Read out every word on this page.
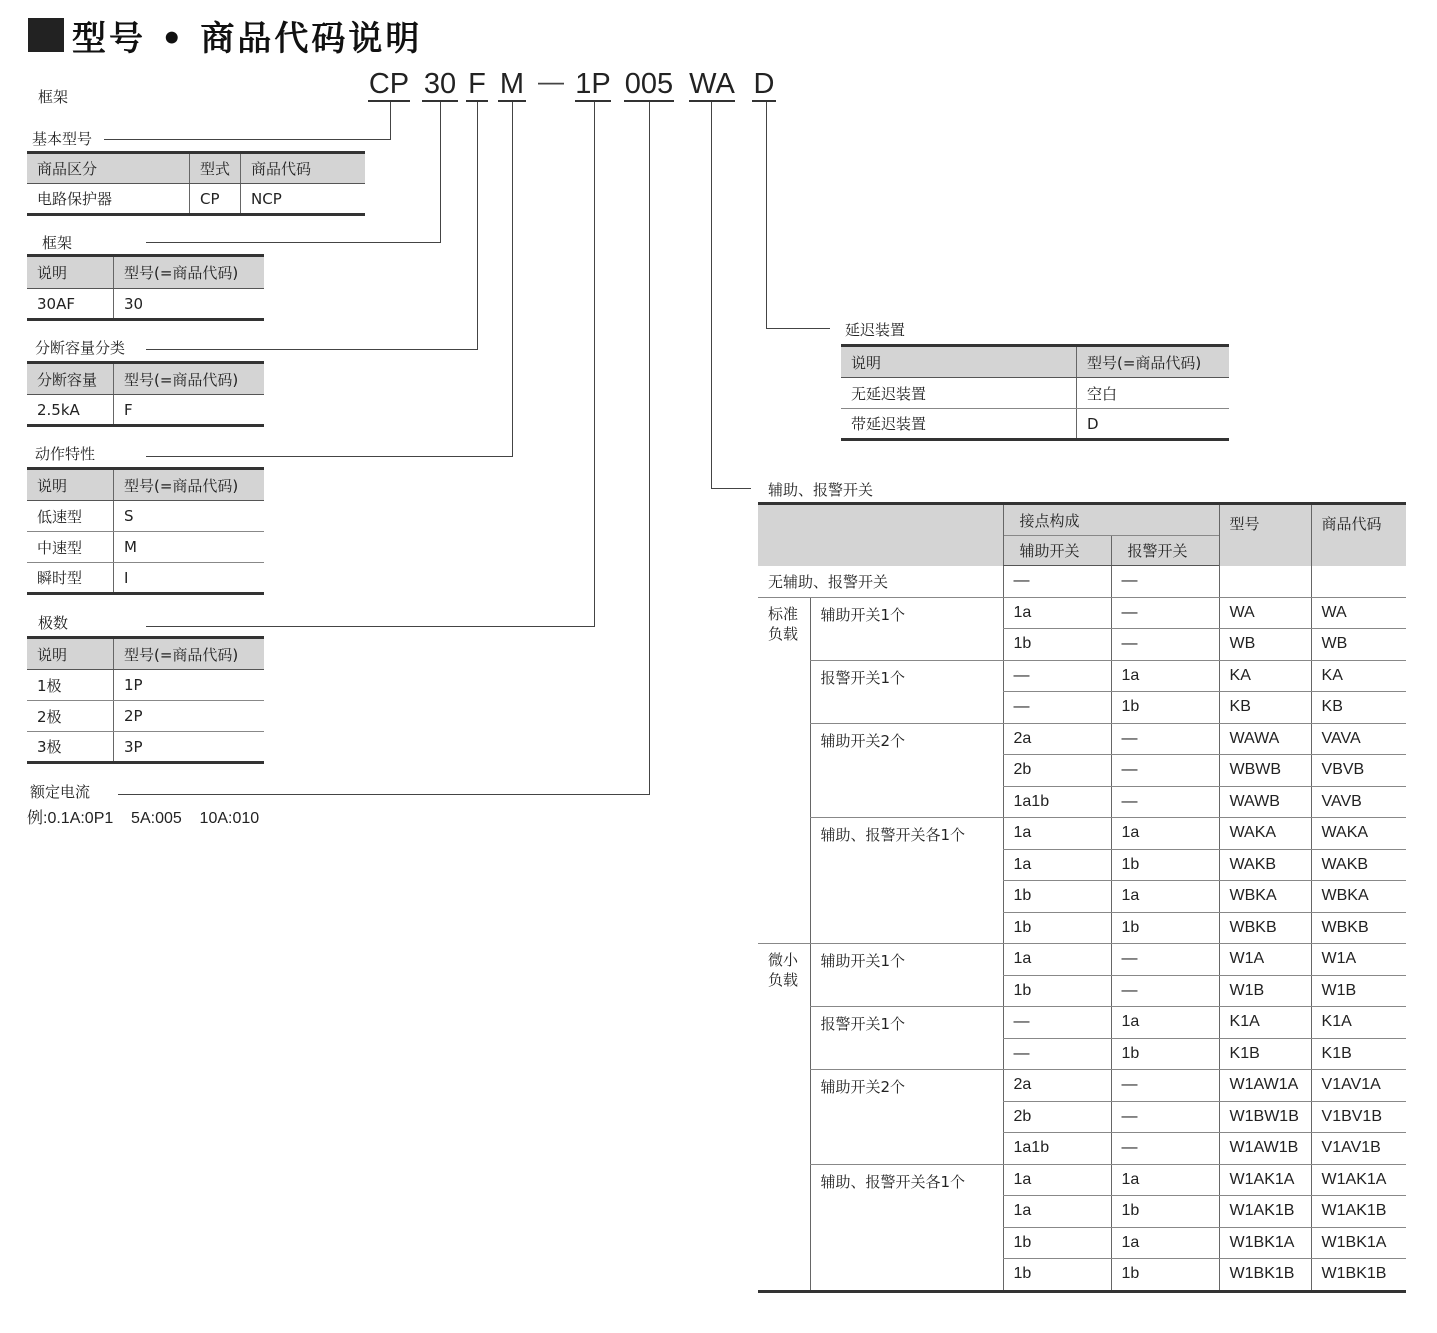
型号 • 商品代码说明
框架	CP 30 F M — 1P 005 WA D
基本型号
商品区分	型式	商品代码
电路保护器	CP	NCP
框架
说明	型号(=商品代码)
30AF	30
分断容量分类
分断容量	型号(=商品代码)
2.5kA	F
动作特性
说明	型号(=商品代码)
低速型	S
中速型	M
瞬时型	I
极数
说明	型号(=商品代码)
1极	1P
2极	2P
3极	3P
额定电流
例:0.1A:0P1    5A:005    10A:010
延迟装置
说明	型号(=商品代码)
无延迟装置	空白
带延迟装置	D
辅助、报警开关
		接点构成		型号	商品代码
		辅助开关	报警开关		
无辅助、报警开关		—	—		
标准
负载	辅助开关1个	1a	—	WA	WA
		1b	—	WB	WB
	报警开关1个	—	1a	KA	KA
		—	1b	KB	KB
	辅助开关2个	2a	—	WAWA	VAVA
		2b	—	WBWB	VBVB
		1a1b	—	WAWB	VAVB
	辅助、报警开关各1个	1a	1a	WAKA	WAKA
		1a	1b	WAKB	WAKB
		1b	1a	WBKA	WBKA
		1b	1b	WBKB	WBKB
微小
负载	辅助开关1个	1a	—	W1A	W1A
		1b	—	W1B	W1B
	报警开关1个	—	1a	K1A	K1A
		—	1b	K1B	K1B
	辅助开关2个	2a	—	W1AW1A	V1AV1A
		2b	—	W1BW1B	V1BV1B
		1a1b	—	W1AW1B	V1AV1B
	辅助、报警开关各1个	1a	1a	W1AK1A	W1AK1A
		1a	1b	W1AK1B	W1AK1B
		1b	1a	W1BK1A	W1BK1A
		1b	1b	W1BK1B	W1BK1B
